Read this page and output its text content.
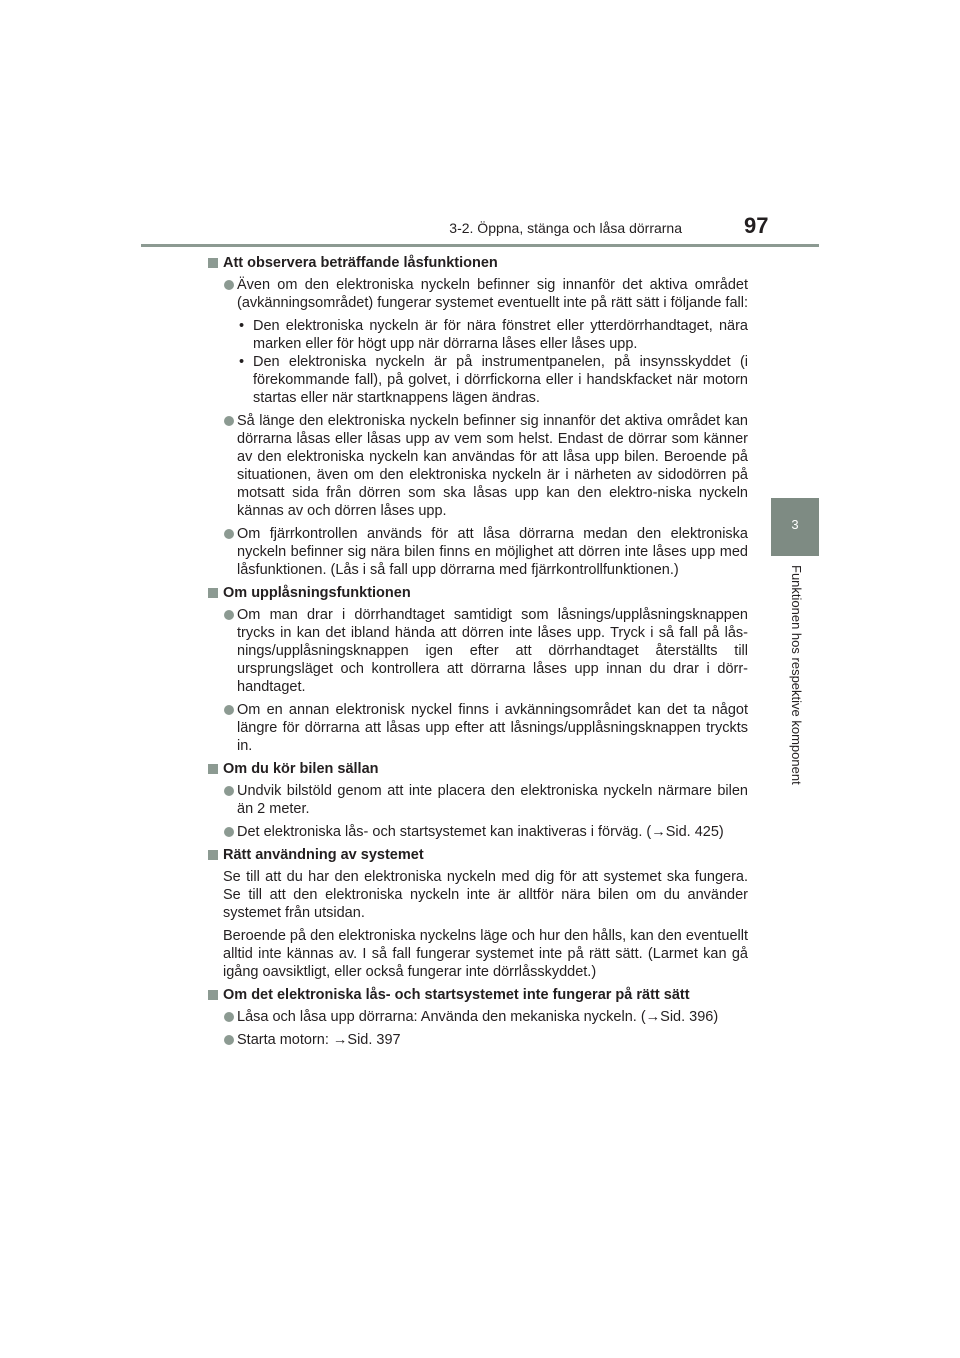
3-2. Öppna, stänga och låsa dörrarna	97
3
Funktionen hos respektive komponent
Att observera beträffande låsfunktionen
Även om den elektroniska nyckeln befinner sig innanför det aktiva området (avkänningsområdet) fungerar systemet eventuellt inte på rätt sätt i följande fall:
• Den elektroniska nyckeln är för nära fönstret eller ytterdörrhandtaget, nära marken eller för högt upp när dörrarna låses eller låses upp.
• Den elektroniska nyckeln är på instrumentpanelen, på insynsskyddet (i förekommande fall), på golvet, i dörrfickorna eller i handskfacket när motorn startas eller när startknappens lägen ändras.
Så länge den elektroniska nyckeln befinner sig innanför det aktiva området kan dörrarna låsas eller låsas upp av vem som helst. Endast de dörrar som känner av den elektroniska nyckeln kan användas för att låsa upp bilen. Beroende på situationen, även om den elektroniska nyckeln är i närheten av sidodörren på motsatt sida från dörren som ska låsas upp kan den elektro-niska nyckeln kännas av och dörren låses upp.
Om fjärrkontrollen används för att låsa dörrarna medan den elektroniska nyckeln befinner sig nära bilen finns en möjlighet att dörren inte låses upp med låsfunktionen. (Lås i så fall upp dörrarna med fjärrkontrollfunktionen.)
Om upplåsningsfunktionen
Om man drar i dörrhandtaget samtidigt som låsnings/upplåsningsknappen trycks in kan det ibland hända att dörren inte låses upp. Tryck i så fall på lås-nings/upplåsningsknappen igen efter att dörrhandtaget återställts till ursprungsläget och kontrollera att dörrarna låses upp innan du drar i dörr-handtaget.
Om en annan elektronisk nyckel finns i avkänningsområdet kan det ta något längre för dörrarna att låsas upp efter att låsnings/upplåsningsknappen tryckts in.
Om du kör bilen sällan
Undvik bilstöld genom att inte placera den elektroniska nyckeln närmare bilen än 2 meter.
Det elektroniska lås- och startsystemet kan inaktiveras i förväg. (→Sid. 425)
Rätt användning av systemet
Se till att du har den elektroniska nyckeln med dig för att systemet ska fungera. Se till att den elektroniska nyckeln inte är alltför nära bilen om du använder systemet från utsidan.
Beroende på den elektroniska nyckelns läge och hur den hålls, kan den eventuellt alltid inte kännas av. I så fall fungerar systemet inte på rätt sätt. (Larmet kan gå igång oavsiktligt, eller också fungerar inte dörrlåsskyddet.)
Om det elektroniska lås- och startsystemet inte fungerar på rätt sätt
Låsa och låsa upp dörrarna: Använda den mekaniska nyckeln. (→Sid. 396)
Starta motorn: →Sid. 397
